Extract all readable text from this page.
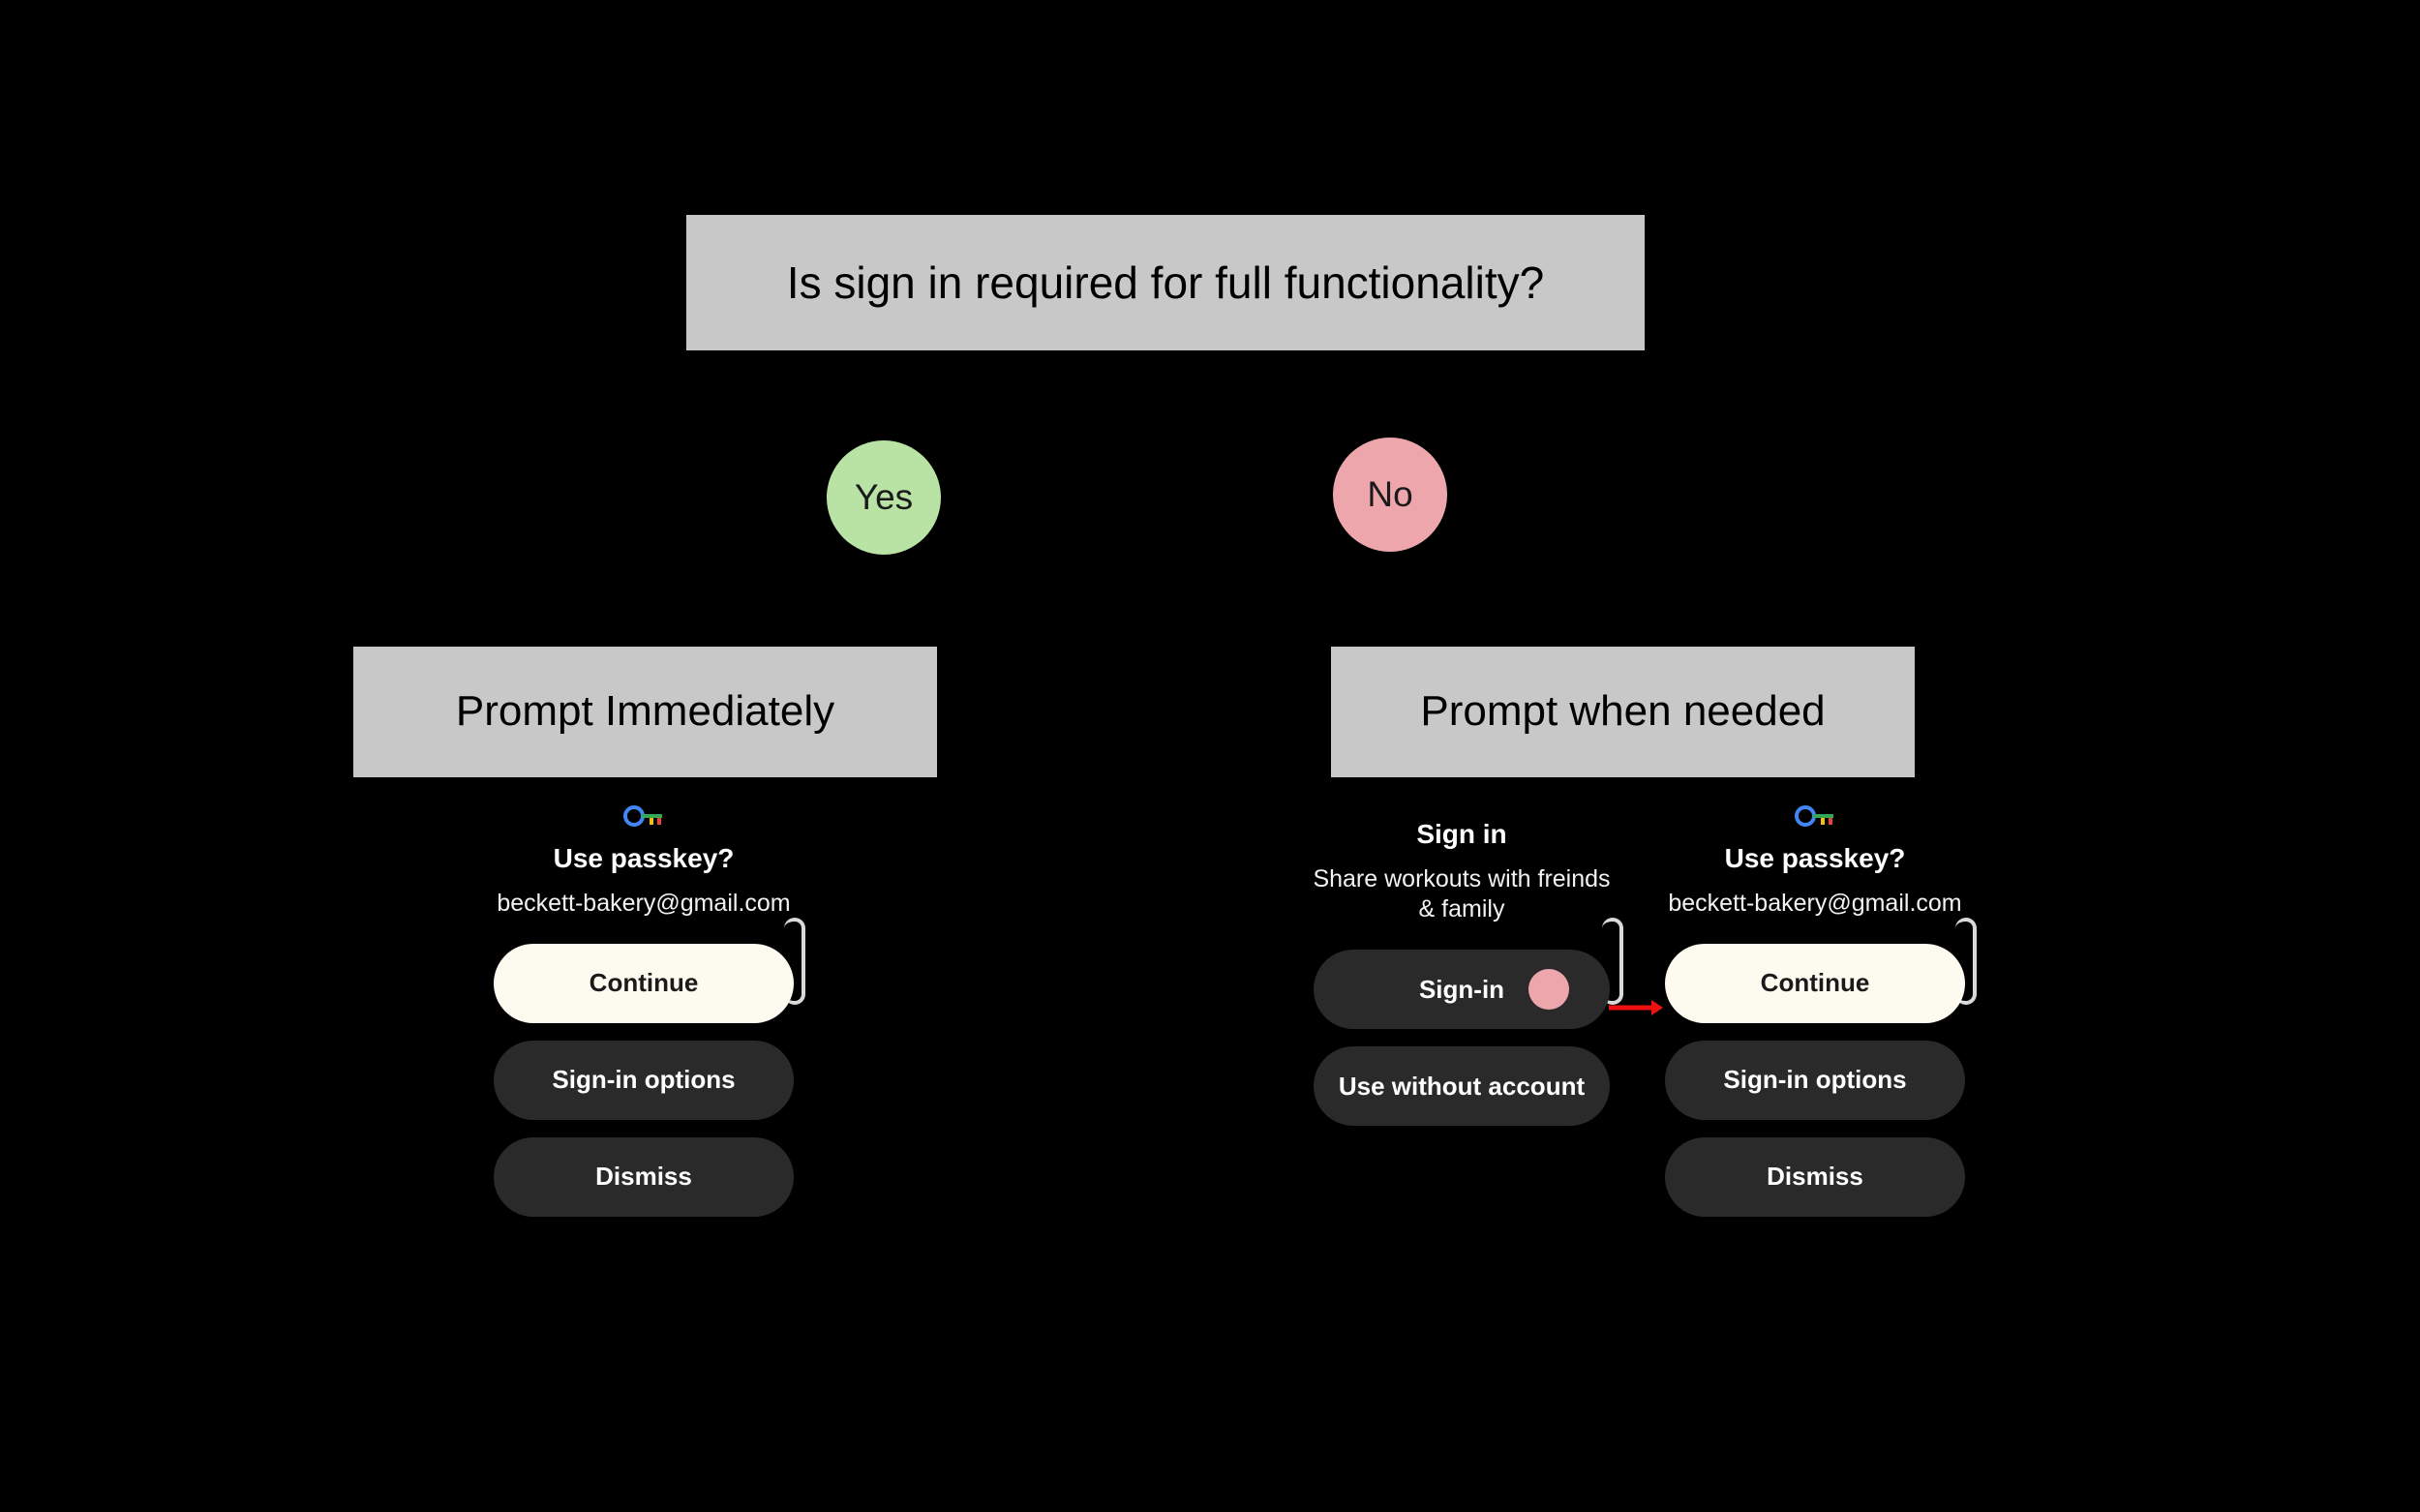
Is sign in required for full functionality?
Yes	No
Prompt Immediately	Prompt when needed
Use passkey?
beckett-bakery@gmail.com
Continue
Sign-in options
Dismiss
Sign in
Share workouts with freinds & family
Sign-in
Use without account
Use passkey?
beckett-bakery@gmail.com
Continue
Sign-in options
Dismiss
